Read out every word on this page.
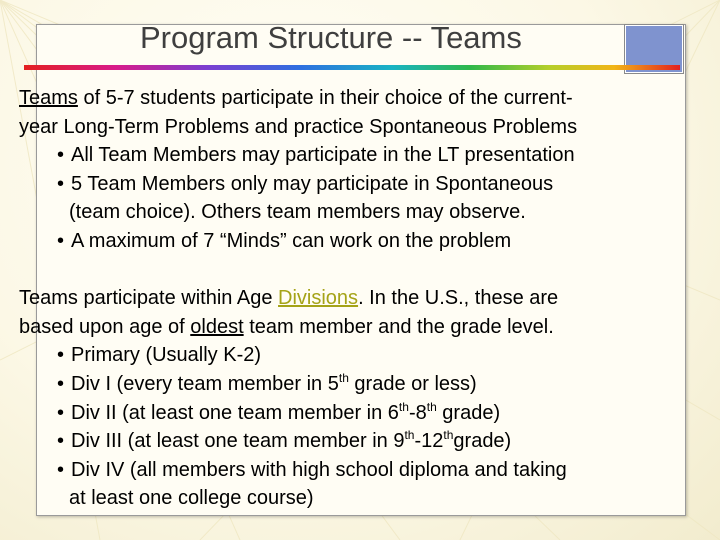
Program Structure -- Teams

Teams of 5-7 students participate in their choice of the current-

year Long-Term Problems and practice Spontaneous Problems

• All Team Members may participate in the LT presentation

• 5 Team Members only may participate in Spontaneous

(team choice). Others team members may observe.

• A maximum of 7 “Minds” can work on the problem

Teams participate within Age Divisions. In the U.S., these are

based upon age of oldest team member and the grade level.

• Primary (Usually K-2)

• Div I (every team member in 5th grade or less)

• Div II (at least one team member in 6th-8th grade)

• Div III (at least one team member in 9th-12thgrade)

• Div IV (all members with high school diploma and taking

at least one college course)
